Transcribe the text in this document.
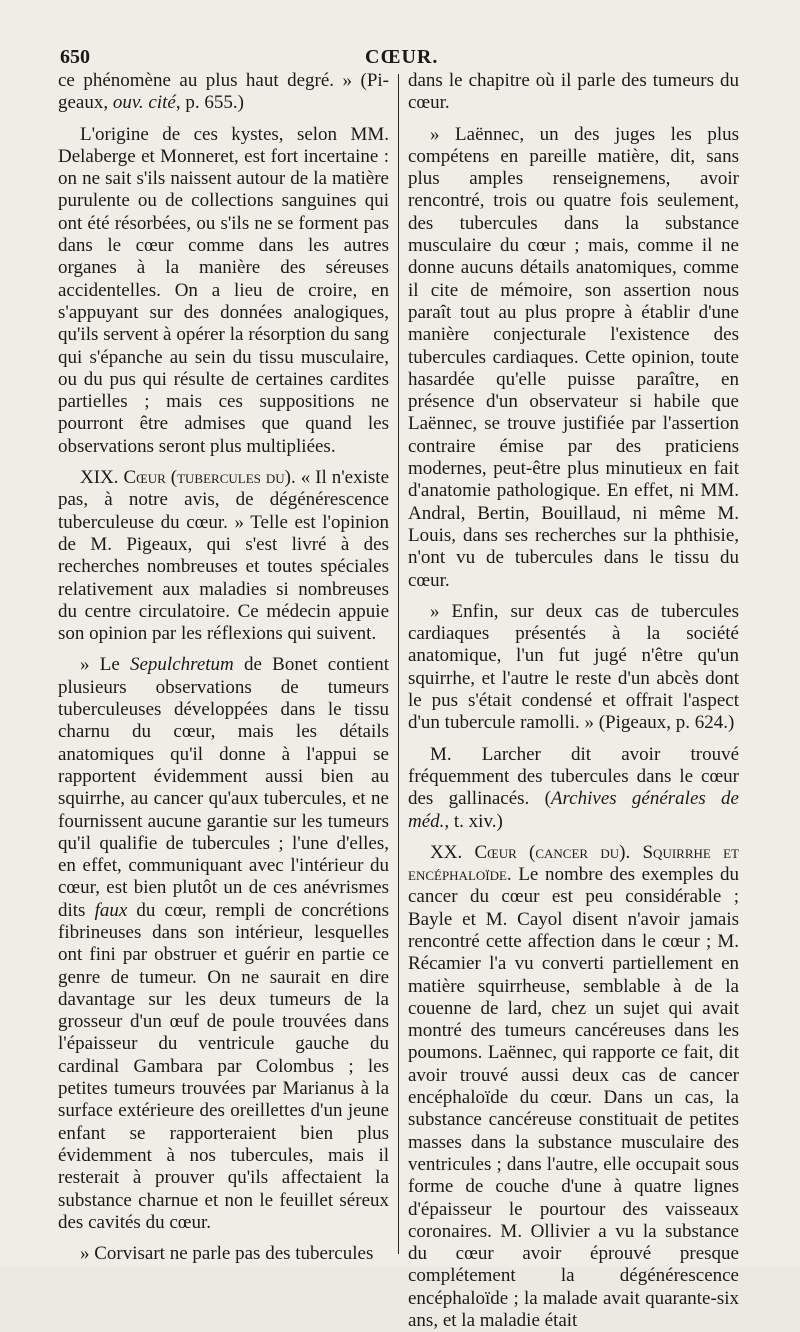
650	CŒUR.

ce phénomène au plus haut degré. » (Pi-geaux, ouv. cité, p. 655.)

L'origine de ces kystes, selon MM. Delaberge et Monneret, est fort incertaine : on ne sait s'ils naissent autour de la matière purulente ou de collections sanguines qui ont été résorbées, ou s'ils ne se forment pas dans le cœur comme dans les autres organes à la manière des séreuses accidentelles. On a lieu de croire, en s'appuyant sur des données analogiques, qu'ils servent à opérer la résorption du sang qui s'épanche au sein du tissu musculaire, ou du pus qui résulte de certaines cardites partielles ; mais ces suppositions ne pourront être admises que quand les observations seront plus multipliées.

XIX. Cœur (tubercules du). « Il n'existe pas, à notre avis, de dégénérescence tuberculeuse du cœur. » Telle est l'opinion de M. Pigeaux, qui s'est livré à des recherches nombreuses et toutes spéciales relativement aux maladies si nombreuses du centre circulatoire. Ce médecin appuie son opinion par les réflexions qui suivent.

» Le Sepulchretum de Bonet contient plusieurs observations de tumeurs tuberculeuses développées dans le tissu charnu du cœur, mais les détails anatomiques qu'il donne à l'appui se rapportent évidemment aussi bien au squirrhe, au cancer qu'aux tubercules, et ne fournissent aucune garantie sur les tumeurs qu'il qualifie de tubercules ; l'une d'elles, en effet, communiquant avec l'intérieur du cœur, est bien plutôt un de ces anévrismes dits faux du cœur, rempli de concrétions fibrineuses dans son intérieur, lesquelles ont fini par obstruer et guérir en partie ce genre de tumeur. On ne saurait en dire davantage sur les deux tumeurs de la grosseur d'un œuf de poule trouvées dans l'épaisseur du ventricule gauche du cardinal Gambara par Colombus ; les petites tumeurs trouvées par Marianus à la surface extérieure des oreillettes d'un jeune enfant se rapporteraient bien plus évidemment à nos tubercules, mais il resterait à prouver qu'ils affectaient la substance charnue et non le feuillet séreux des cavités du cœur.

» Corvisart ne parle pas des tubercules

dans le chapitre où il parle des tumeurs du cœur.

» Laënnec, un des juges les plus compétens en pareille matière, dit, sans plus amples renseignemens, avoir rencontré, trois ou quatre fois seulement, des tubercules dans la substance musculaire du cœur ; mais, comme il ne donne aucuns détails anatomiques, comme il cite de mémoire, son assertion nous paraît tout au plus propre à établir d'une manière conjecturale l'existence des tubercules cardiaques. Cette opinion, toute hasardée qu'elle puisse paraître, en présence d'un observateur si habile que Laënnec, se trouve justifiée par l'assertion contraire émise par des praticiens modernes, peut-être plus minutieux en fait d'anatomie pathologique. En effet, ni MM. Andral, Bertin, Bouillaud, ni même M. Louis, dans ses recherches sur la phthisie, n'ont vu de tubercules dans le tissu du cœur.

» Enfin, sur deux cas de tubercules cardiaques présentés à la société anatomique, l'un fut jugé n'être qu'un squirrhe, et l'autre le reste d'un abcès dont le pus s'était condensé et offrait l'aspect d'un tubercule ramolli. » (Pigeaux, p. 624.)

M. Larcher dit avoir trouvé fréquemment des tubercules dans le cœur des gallinacés. (Archives générales de méd., t. xiv.)

XX. Cœur (cancer du). Squirrhe et encéphaloïde. Le nombre des exemples du cancer du cœur est peu considérable ; Bayle et M. Cayol disent n'avoir jamais rencontré cette affection dans le cœur ; M. Récamier l'a vu converti partiellement en matière squirrheuse, semblable à de la couenne de lard, chez un sujet qui avait montré des tumeurs cancéreuses dans les poumons. Laënnec, qui rapporte ce fait, dit avoir trouvé aussi deux cas de cancer encéphaloïde du cœur. Dans un cas, la substance cancéreuse constituait de petites masses dans la substance musculaire des ventricules ; dans l'autre, elle occupait sous forme de couche d'une à quatre lignes d'épaisseur le pourtour des vaisseaux coronaires. M. Ollivier a vu la substance du cœur avoir éprouvé presque complétement la dégénérescence encéphaloïde ; la malade avait quarante-six ans, et la maladie était
